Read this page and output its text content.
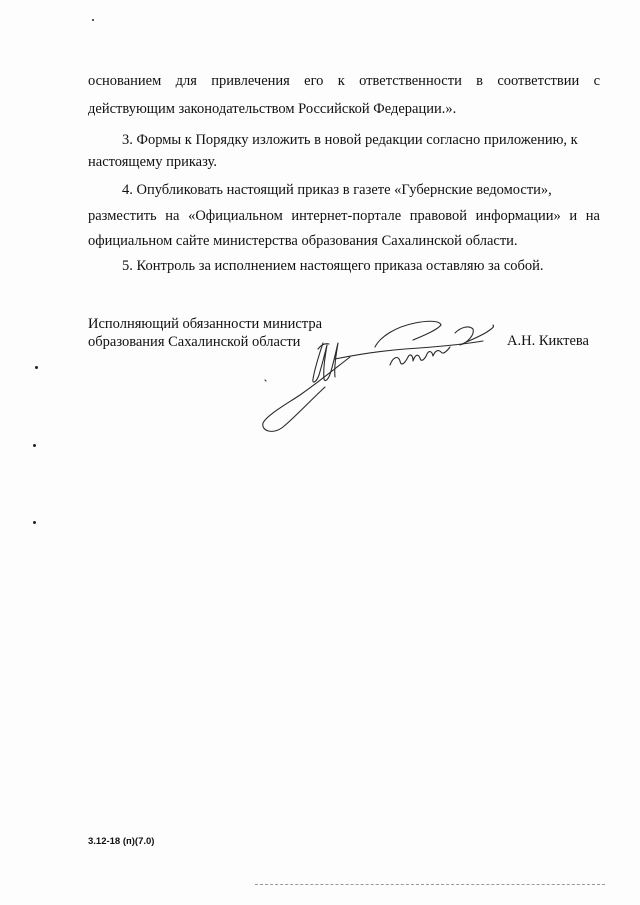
основанием для привлечения его к ответственности в соответствии с
действующим законодательством Российской Федерации.».
3. Формы к Порядку изложить в новой редакции согласно приложению, к
настоящему приказу.
4. Опубликовать настоящий приказ в газете «Губернские ведомости»,
разместить на «Официальном интернет-портале правовой информации» и на
официальном сайте министерства образования Сахалинской области.
5. Контроль за исполнением настоящего приказа оставляю за собой.
Исполняющий обязанности министра
образования Сахалинской области	А.Н. Киктева
3.12-18 (п)(7.0)
